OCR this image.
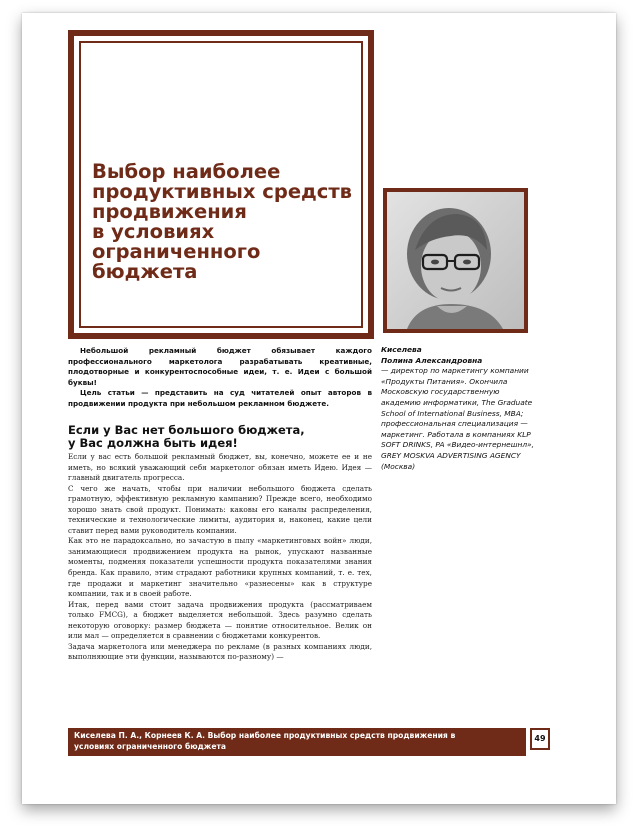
Выбор наиболее
продуктивных средств
продвижения
в условиях
ограниченного
бюджета
Киселева
Полина Александровна
— директор по маркетингу компании «Продукты Питания». Окончила Московскую государственную академию информатики, The Graduate School of International Business, MBA; профессиональная специализация — маркетинг. Работала в компаниях KLP SOFT DRINKS, PA «Видео-интернешнл», GREY MOSKVA ADVERTISING AGENCY
(Москва)

Небольшой рекламный бюджет обязывает каждого профессионального маркетолога разрабатывать креативные, плодотворные и конкурентоспособные идеи, т. е. Идеи с большой буквы!

Цель статьи — представить на суд читателей опыт авторов в продвижении продукта при небольшом рекламном бюджете.

Если у Вас нет большого бюджета,
у Вас должна быть идея!

Если у вас есть большой рекламный бюджет, вы, конечно, можете ее и не иметь, но всякий уважающий себя маркетолог обязан иметь Идею. Идея — главный двигатель прогресса.

С чего же начать, чтобы при наличии небольшого бюджета сделать грамотную, эффективную рекламную кампанию? Прежде всего, необходимо хорошо знать свой продукт. Понимать: каковы его каналы распределения, технические и технологические лимиты, аудитория и, наконец, какие цели ставит перед вами руководитель компании.

Как это не парадоксально, но зачастую в пылу «маркетинговых войн» люди, занимающиеся продвижением продукта на рынок, упускают названные моменты, подменяя показатели успешности продукта показателями знания бренда. Как правило, этим страдают работники крупных компаний, т. е. тех, где продажи и маркетинг значительно «разнесены» как в структуре компании, так и в своей работе.

Итак, перед вами стоит задача продвижения продукта (рассматриваем только FMCG), а бюджет выделяется небольшой. Здесь разумно сделать некоторую оговорку: размер бюджета — понятие относительное. Велик он или мал — определяется в сравнении с бюджетами конкурентов.

Задача маркетолога или менеджера по рекламе (в разных компаниях люди, выполняющие эти функции, называются по-разному) —

Киселева П. А., Корнеев К. А. Выбор наиболее продуктивных средств продвижения в условиях ограниченного бюджета
49
